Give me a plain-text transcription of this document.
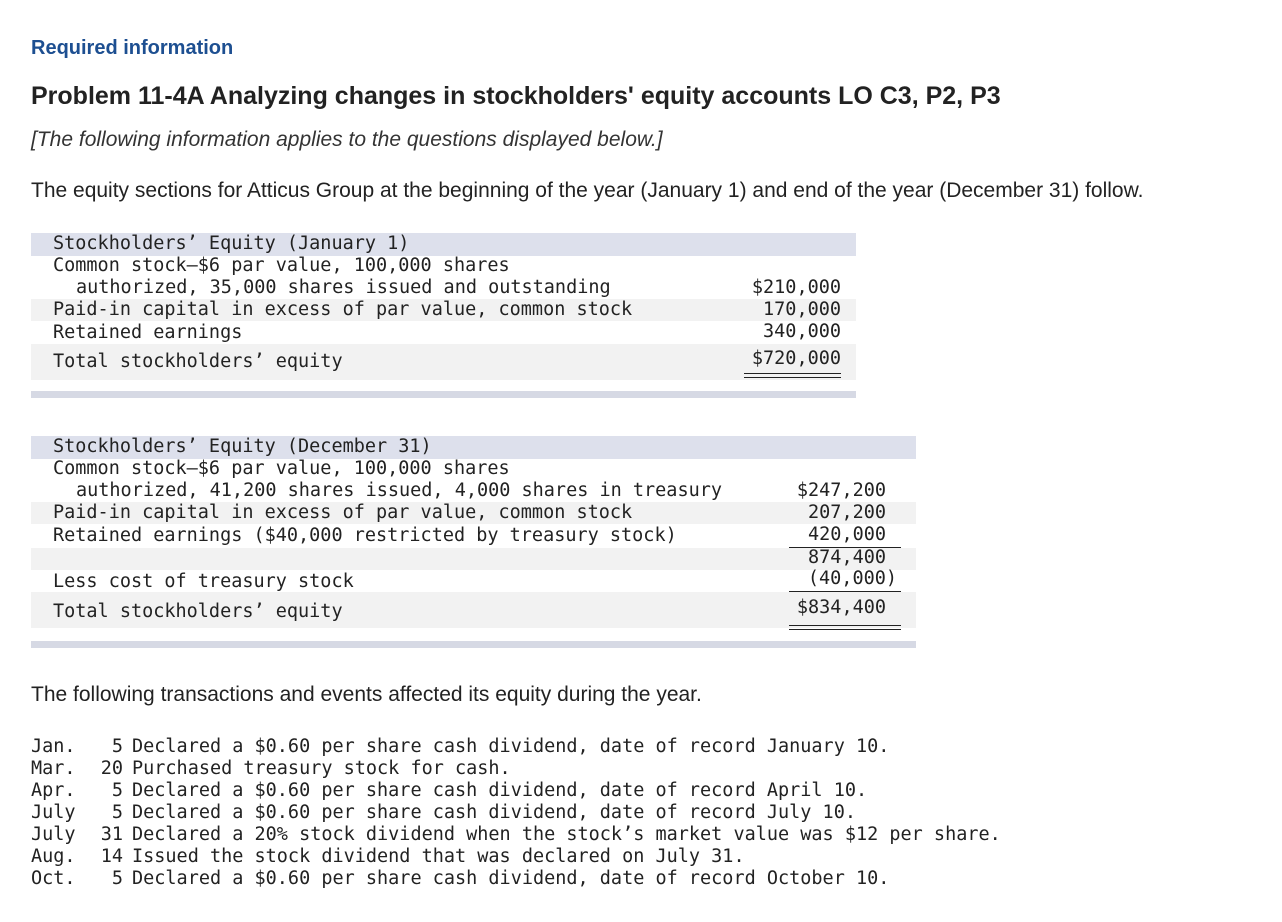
Required information
Problem 11-4A Analyzing changes in stockholders' equity accounts LO C3, P2, P3
[The following information applies to the questions displayed below.]
The equity sections for Atticus Group at the beginning of the year (January 1) and end of the year (December 31) follow.
Stockholders’ Equity (January 1)
Common stock—$6 par value, 100,000 shares
authorized, 35,000 shares issued and outstanding	$210,000
Paid-in capital in excess of par value, common stock	170,000
Retained earnings	340,000
Total stockholders’ equity	$720,000
Stockholders’ Equity (December 31)
Common stock—$6 par value, 100,000 shares
authorized, 41,200 shares issued, 4,000 shares in treasury	$247,200
Paid-in capital in excess of par value, common stock	207,200
Retained earnings ($40,000 restricted by treasury stock)	420,000
874,400
Less cost of treasury stock	(40,000)
Total stockholders’ equity	$834,400
The following transactions and events affected its equity during the year.
Jan. 5 Declared a $0.60 per share cash dividend, date of record January 10.
Mar. 20 Purchased treasury stock for cash.
Apr. 5 Declared a $0.60 per share cash dividend, date of record April 10.
July 5 Declared a $0.60 per share cash dividend, date of record July 10.
July 31 Declared a 20% stock dividend when the stock’s market value was $12 per share.
Aug. 14 Issued the stock dividend that was declared on July 31.
Oct. 5 Declared a $0.60 per share cash dividend, date of record October 10.
